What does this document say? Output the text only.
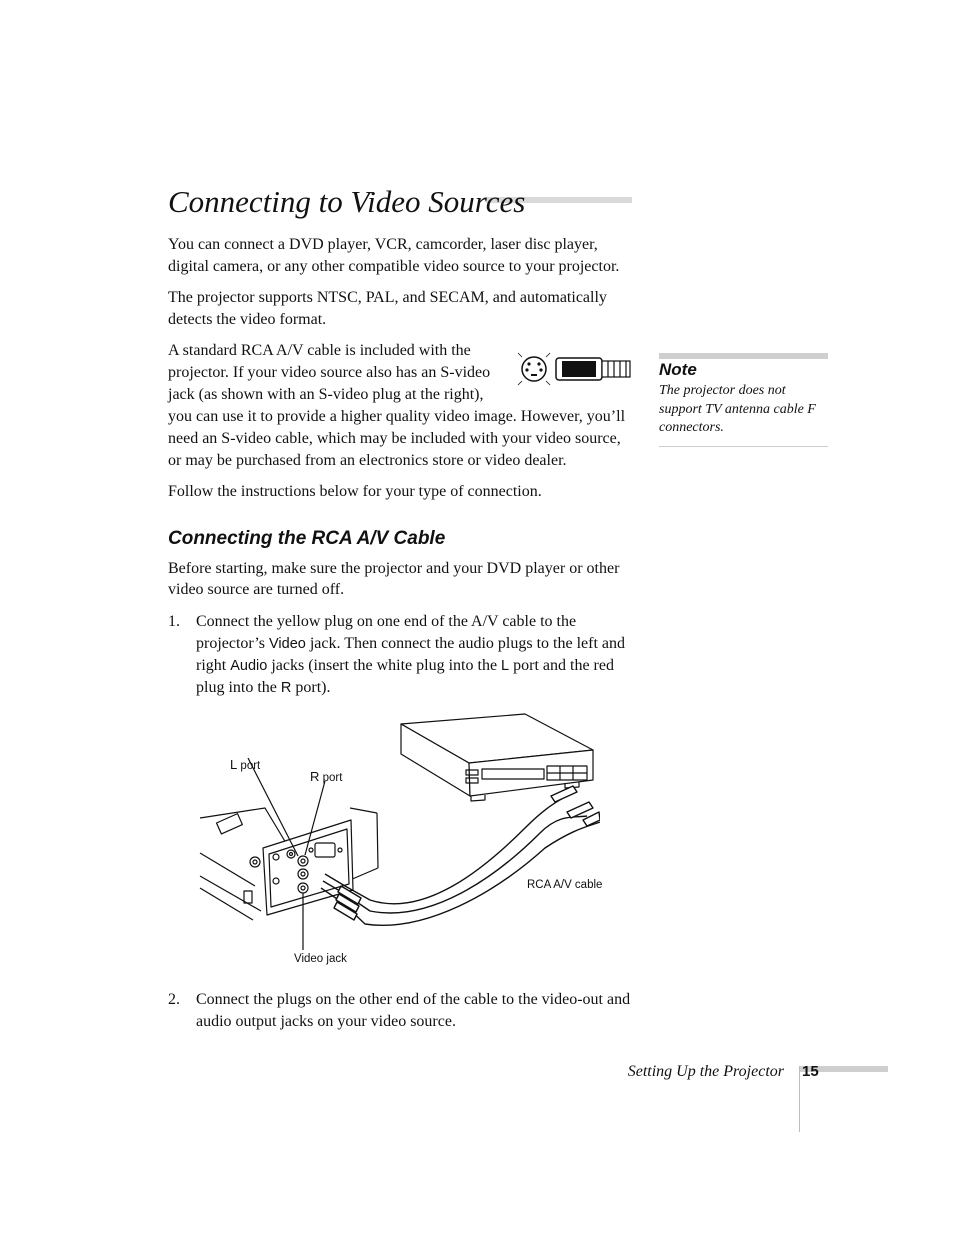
Connecting to Video Sources
You can connect a DVD player, VCR, camcorder, laser disc player, digital camera, or any other compatible video source to your projector.
The projector supports NTSC, PAL, and SECAM, and automatically detects the video format.
A standard RCA A/V cable is included with the projector. If your video source also has an S-video jack (as shown with an S-video plug at the right),
you can use it to provide a higher quality video image. However, you’ll need an S-video cable, which may be included with your video source, or may be purchased from an electronics store or video dealer.
Follow the instructions below for your type of connection.
Connecting the RCA A/V Cable
Before starting, make sure the projector and your DVD player or other video source are turned off.
1.	Connect the yellow plug on one end of the A/V cable to the projector’s Video jack. Then connect the audio plugs to the left and right Audio jacks (insert the white plug into the L port and the red plug into the R port).
L port
R port
RCA A/V cable
Video jack
2.	Connect the plugs on the other end of the cable to the video-out and audio output jacks on your video source.
Note
The projector does not support TV antenna cable F connectors.
Setting Up the Projector 15
